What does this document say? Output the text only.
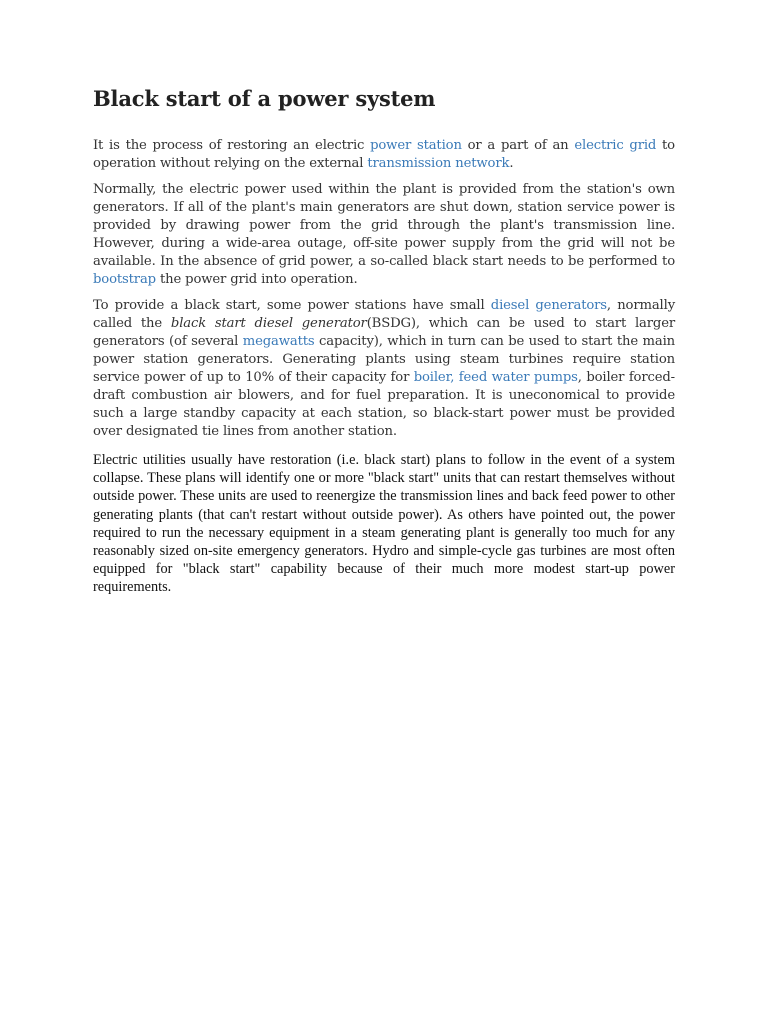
Black start of a power system

It is the process of restoring an electric power station or a part of an electric grid to operation without relying on the external transmission network.

Normally, the electric power used within the plant is provided from the station's own generators. If all of the plant's main generators are shut down, station service power is provided by drawing power from the grid through the plant's transmission line. However, during a wide-area outage, off-site power supply from the grid will not be available. In the absence of grid power, a so-called black start needs to be performed to bootstrap the power grid into operation.

To provide a black start, some power stations have small diesel generators, normally called the black start diesel generator(BSDG), which can be used to start larger generators (of several megawatts capacity), which in turn can be used to start the main power station generators. Generating plants using steam turbines require station service power of up to 10% of their capacity for boiler, feed water pumps, boiler forced-draft combustion air blowers, and for fuel preparation. It is uneconomical to provide such a large standby capacity at each station, so black-start power must be provided over designated tie lines from another station.

Electric utilities usually have restoration (i.e. black start) plans to follow in the event of a system collapse. These plans will identify one or more "black start" units that can restart themselves without outside power. These units are used to reenergize the transmission lines and back feed power to other generating plants (that can't restart without outside power). As others have pointed out, the power required to run the necessary equipment in a steam generating plant is generally too much for any reasonably sized on-site emergency generators. Hydro and simple-cycle gas turbines are most often equipped for "black start" capability because of their much more modest start-up power requirements.
